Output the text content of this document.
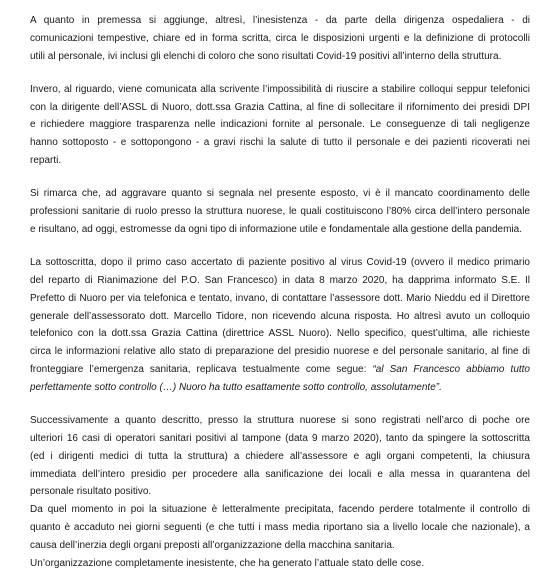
A quanto in premessa si aggiunge, altresì, l’inesistenza - da parte della dirigenza ospedaliera - di
comunicazioni tempestive, chiare ed in forma scritta, circa le disposizioni urgenti e la definizione di protocolli
utili al personale, ivi inclusi gli elenchi di coloro che sono risultati Covid-19 positivi all’interno della struttura.

Invero, al riguardo, viene comunicata alla scrivente l’impossibilità di riuscire a stabilire colloqui seppur telefonici
con la dirigente dell’ASSL di Nuoro, dott.ssa Grazia Cattina, al fine di sollecitare il rifornimento dei presidi DPI
e richiedere maggiore trasparenza nelle indicazioni fornite al personale. Le conseguenze di tali negligenze
hanno sottoposto - e sottopongono - a gravi rischi la salute di tutto il personale e dei pazienti ricoverati nei
reparti.

Si rimarca che, ad aggravare quanto si segnala nel presente esposto, vi è il mancato coordinamento delle
professioni sanitarie di ruolo presso la struttura nuorese, le quali costituiscono l’80% circa dell’intero personale
e risultano, ad oggi, estromesse da ogni tipo di informazione utile e fondamentale alla gestione della pandemia.

La sottoscritta, dopo il primo caso accertato di paziente positivo al virus Covid-19 (ovvero il medico primario
del reparto di Rianimazione del P.O. San Francesco) in data 8 marzo 2020, ha dapprima informato S.E. Il
Prefetto di Nuoro per via telefonica e tentato, invano, di contattare l’assessore dott. Mario Nieddu ed il Direttore
generale dell’assessorato dott. Marcello Tidore, non ricevendo alcuna risposta. Ho altresì avuto un colloquio
telefonico con la dott.ssa Grazia Cattina (direttrice ASSL Nuoro). Nello specifico, quest’ultima, alle richieste
circa le informazioni relative allo stato di preparazione del presidio nuorese e del personale sanitario, al fine di
fronteggiare l’emergenza sanitaria, replicava testualmente come segue: “al San Francesco abbiamo tutto
perfettamente sotto controllo (…) Nuoro ha tutto esattamente sotto controllo, assolutamente”.

Successivamente a quanto descritto, presso la struttura nuorese si sono registrati nell’arco di poche ore
ulteriori 16 casi di operatori sanitari positivi al tampone (data 9 marzo 2020), tanto da spingere la sottoscritta
(ed i dirigenti medici di tutta la struttura) a chiedere all’assessore e agli organi competenti, la chiusura
immediata dell’intero presidio per procedere alla sanificazione dei locali e alla messa in quarantena del
personale risultato positivo.

Da quel momento in poi la situazione è letteralmente precipitata, facendo perdere totalmente il controllo di
quanto è accaduto nei giorni seguenti (e che tutti i mass media riportano sia a livello locale che nazionale), a
causa dell’inerzia degli organi preposti all’organizzazione della macchina sanitaria.

Un’organizzazione completamente inesistente, che ha generato l’attuale stato delle cose.
